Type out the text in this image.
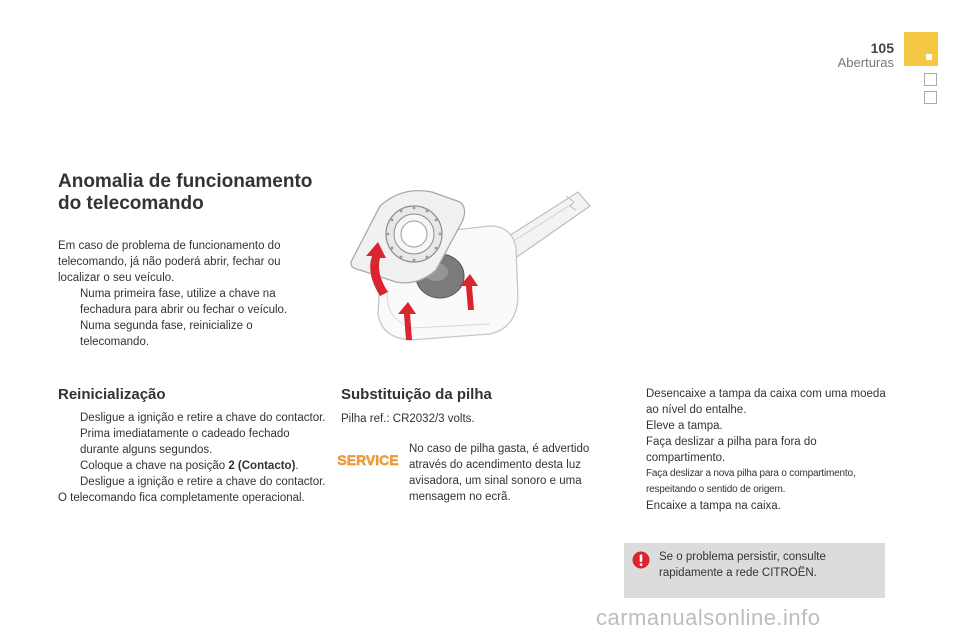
105
Aberturas
Anomalia de funcionamento
do telecomando

Em caso de problema de funcionamento do telecomando, já não poderá abrir, fechar ou localizar o seu veículo.

Numa primeira fase, utilize a chave na fechadura para abrir ou fechar o veículo.
Numa segunda fase, reinicialize o telecomando.
Reinicialização
Desligue a ignição e retire a chave do contactor.
Prima imediatamente o cadeado fechado durante alguns segundos.
Coloque a chave na posição 2 (Contacto).
Desligue a ignição e retire a chave do contactor.

O telecomando fica completamente operacional.

Substituição da pilha
Pilha ref.: CR2032/3 volts.
SERVICE
No caso de pilha gasta, é advertido através do acendimento desta luz avisadora, um sinal sonoro e uma mensagem no ecrã.
Desencaixe a tampa da caixa com uma moeda ao nível do entalhe.
Eleve a tampa.
Faça deslizar a pilha para fora do compartimento.
Faça deslizar a nova pilha para o compartimento, respeitando o sentido de origem.
Encaixe a tampa na caixa.
Se o problema persistir, consulte rapidamente a rede CITROËN.
carmanualsonline.info
